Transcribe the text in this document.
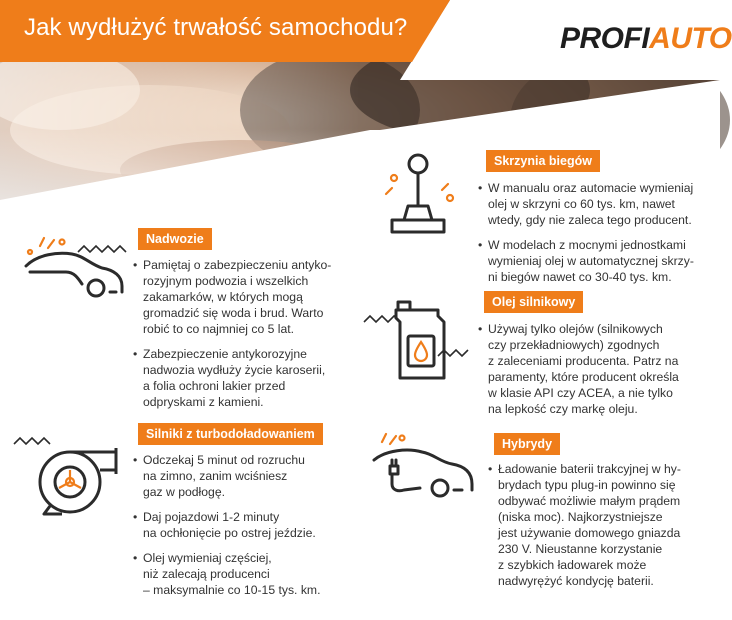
Jak wydłużyć trwałość samochodu?	PROFIAUTO
Nadwozie
• Pamiętaj o zabezpieczeniu antyko-
rozyjnym podwozia i wszelkich
zakamarków, w których mogą
gromadzić się woda i brud. Warto
robić to co najmniej co 5 lat.
• Zabezpieczenie antykorozyjne
nadwozia wydłuży życie karoserii,
a folia ochroni lakier przed
odpryskami z kamieni.
Silniki z turbodoładowaniem
• Odczekaj 5 minut od rozruchu
na zimno, zanim wciśniesz
gaz w podłogę.
• Daj pojazdowi 1-2 minuty
na ochłonięcie po ostrej jeździe.
• Olej wymieniaj częściej,
niż zalecają producenci
– maksymalnie co 10-15 tys. km.
Skrzynia biegów
• W manualu oraz automacie wymieniaj
olej w skrzyni co 60 tys. km, nawet
wtedy, gdy nie zaleca tego producent.
• W modelach z mocnymi jednostkami
wymieniaj olej w automatycznej skrzy-
ni biegów nawet co 30-40 tys. km.
Olej silnikowy
• Używaj tylko olejów (silnikowych
czy przekładniowych) zgodnych
z zaleceniami producenta. Patrz na
paramenty, które producent określa
w klasie API czy ACEA, a nie tylko
na lepkość czy markę oleju.
Hybrydy
• Ładowanie baterii trakcyjnej w hy-
brydach typu plug-in powinno się
odbywać możliwie małym prądem
(niska moc). Najkorzystniejsze
jest używanie domowego gniazda
230 V. Nieustanne korzystanie
z szybkich ładowarek może
nadwyrężyć kondycję baterii.
